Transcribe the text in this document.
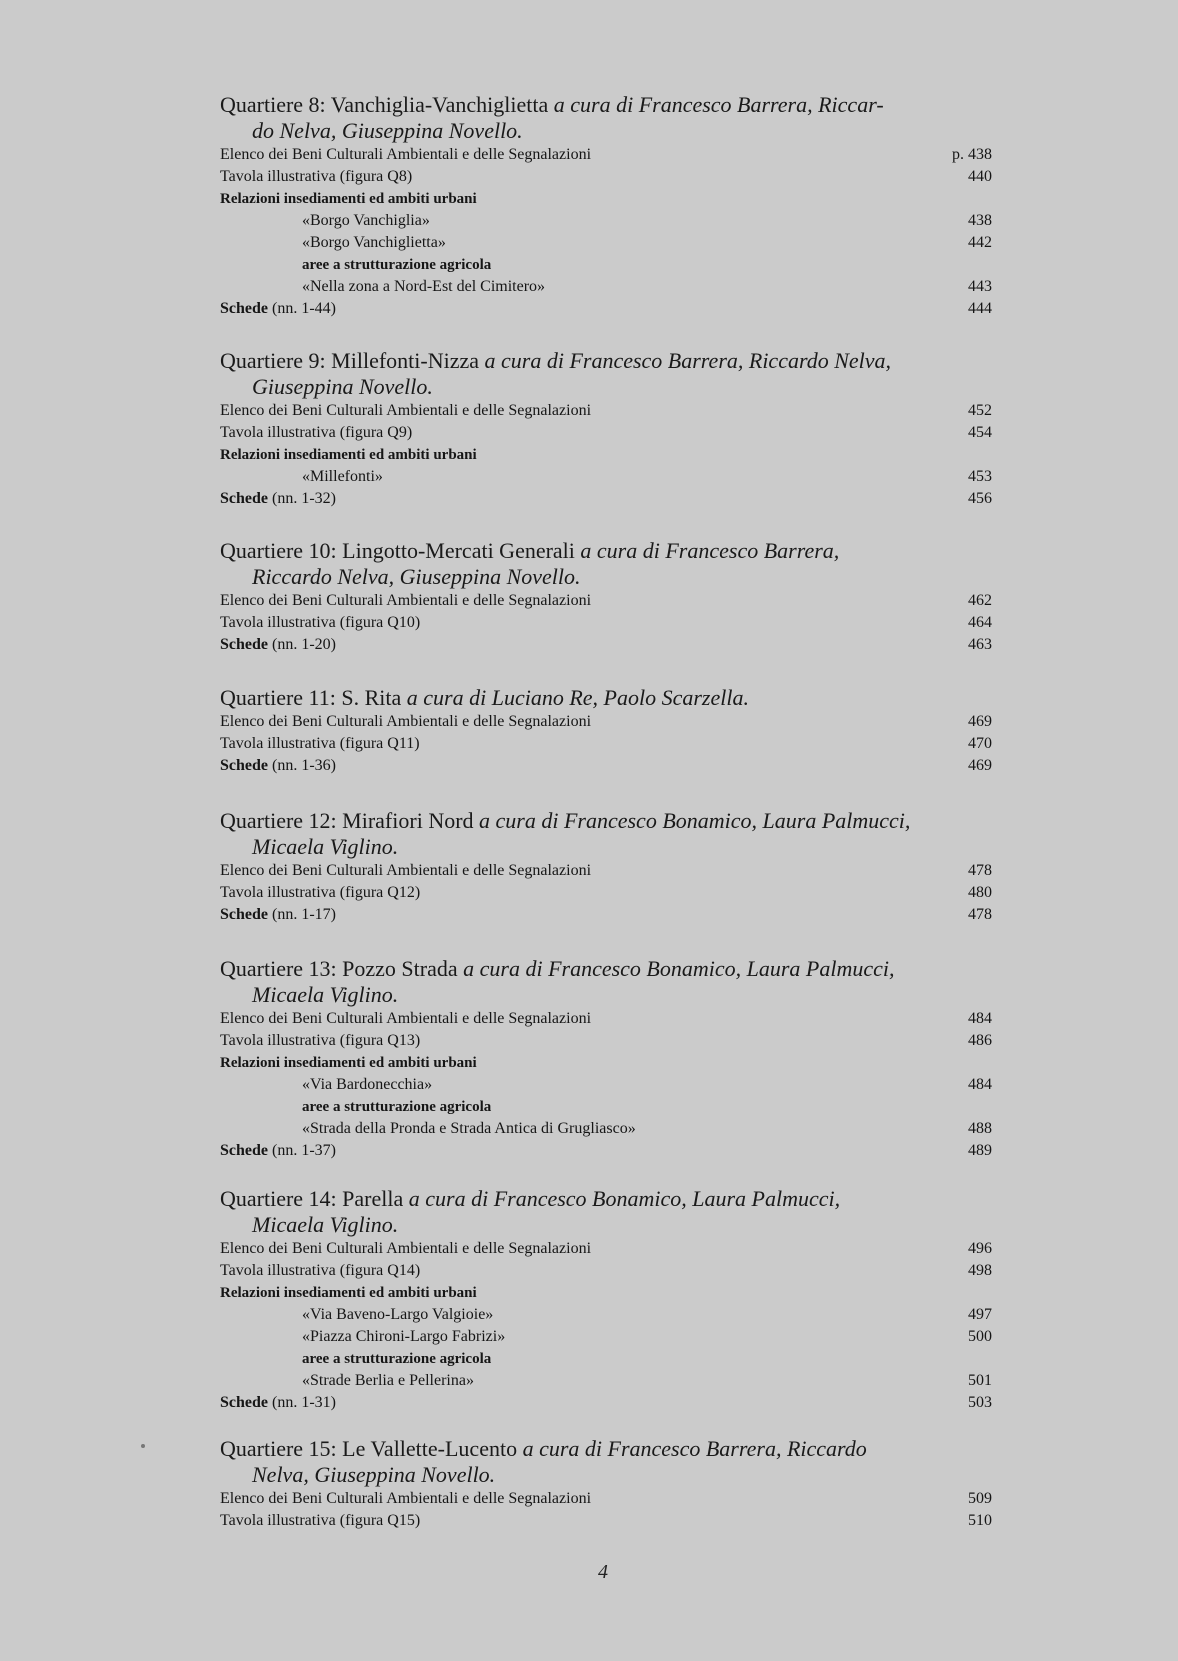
Quartiere 8: Vanchiglia-Vanchiglietta a cura di Francesco Barrera, Riccar-
do Nelva, Giuseppina Novello.
Elenco dei Beni Culturali Ambientali e delle Segnalazioni	p. 438
Tavola illustrativa (figura Q8)	440
Relazioni insediamenti ed ambiti urbani
«Borgo Vanchiglia»	438
«Borgo Vanchiglietta»	442
aree a strutturazione agricola
«Nella zona a Nord-Est del Cimitero»	443
Schede (nn. 1-44)	444
Quartiere 9: Millefonti-Nizza a cura di Francesco Barrera, Riccardo Nelva,
Giuseppina Novello.
Elenco dei Beni Culturali Ambientali e delle Segnalazioni	452
Tavola illustrativa (figura Q9)	454
Relazioni insediamenti ed ambiti urbani
«Millefonti»	453
Schede (nn. 1-32)	456
Quartiere 10: Lingotto-Mercati Generali a cura di Francesco Barrera,
Riccardo Nelva, Giuseppina Novello.
Elenco dei Beni Culturali Ambientali e delle Segnalazioni	462
Tavola illustrativa (figura Q10)	464
Schede (nn. 1-20)	463
Quartiere 11: S. Rita a cura di Luciano Re, Paolo Scarzella.
Elenco dei Beni Culturali Ambientali e delle Segnalazioni	469
Tavola illustrativa (figura Q11)	470
Schede (nn. 1-36)	469
Quartiere 12: Mirafiori Nord a cura di Francesco Bonamico, Laura Palmucci,
Micaela Viglino.
Elenco dei Beni Culturali Ambientali e delle Segnalazioni	478
Tavola illustrativa (figura Q12)	480
Schede (nn. 1-17)	478
Quartiere 13: Pozzo Strada a cura di Francesco Bonamico, Laura Palmucci,
Micaela Viglino.
Elenco dei Beni Culturali Ambientali e delle Segnalazioni	484
Tavola illustrativa (figura Q13)	486
Relazioni insediamenti ed ambiti urbani
«Via Bardonecchia»	484
aree a strutturazione agricola
«Strada della Pronda e Strada Antica di Grugliasco»	488
Schede (nn. 1-37)	489
Quartiere 14: Parella a cura di Francesco Bonamico, Laura Palmucci,
Micaela Viglino.
Elenco dei Beni Culturali Ambientali e delle Segnalazioni	496
Tavola illustrativa (figura Q14)	498
Relazioni insediamenti ed ambiti urbani
«Via Baveno-Largo Valgioie»	497
«Piazza Chironi-Largo Fabrizi»	500
aree a strutturazione agricola
«Strade Berlia e Pellerina»	501
Schede (nn. 1-31)	503
Quartiere 15: Le Vallette-Lucento a cura di Francesco Barrera, Riccardo
Nelva, Giuseppina Novello.
Elenco dei Beni Culturali Ambientali e delle Segnalazioni	509
Tavola illustrativa (figura Q15)	510
4
